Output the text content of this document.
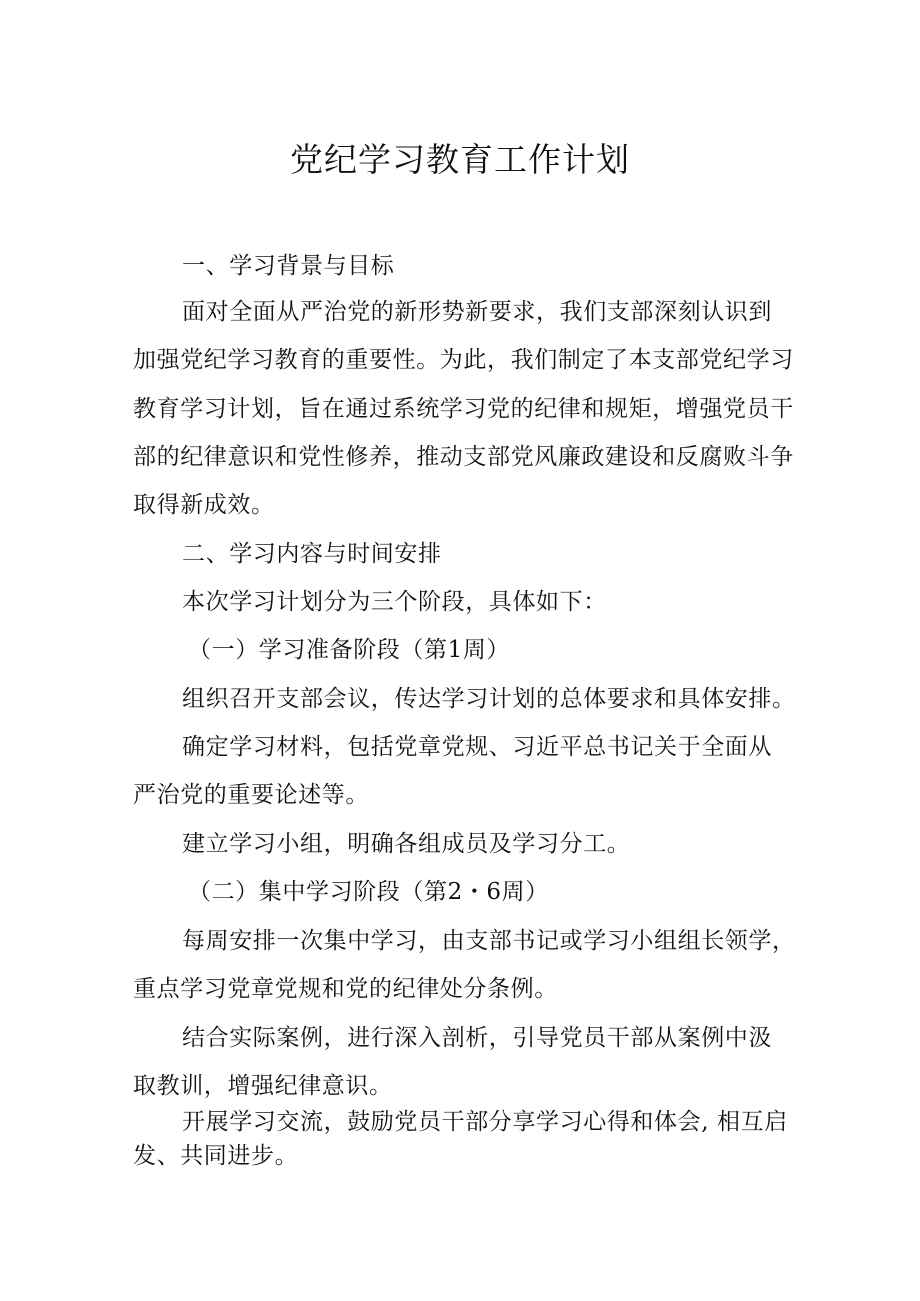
党纪学习教育工作计划

一、学习背景与目标

面对全面从严治党的新形势新要求，我们支部深刻认识到

加强党纪学习教育的重要性。为此，我们制定了本支部党纪学习

教育学习计划，旨在通过系统学习党的纪律和规矩，增强党员干

部的纪律意识和党性修养，推动支部党风廉政建设和反腐败斗争

取得新成效。

二、学习内容与时间安排

本次学习计划分为三个阶段，具体如下：

（一）学习准备阶段（第1周）

组织召开支部会议，传达学习计划的总体要求和具体安排。

确定学习材料，包括党章党规、习近平总书记关于全面从

严治党的重要论述等。

建立学习小组，明确各组成员及学习分工。

（二）集中学习阶段（第2・6周）

每周安排一次集中学习，由支部书记或学习小组组长领学，

重点学习党章党规和党的纪律处分条例。

结合实际案例，进行深入剖析，引导党员干部从案例中汲

取教训，增强纪律意识。

开展学习交流，鼓励党员干部分享学习心得和体会, 相互启

发、共同进步。
